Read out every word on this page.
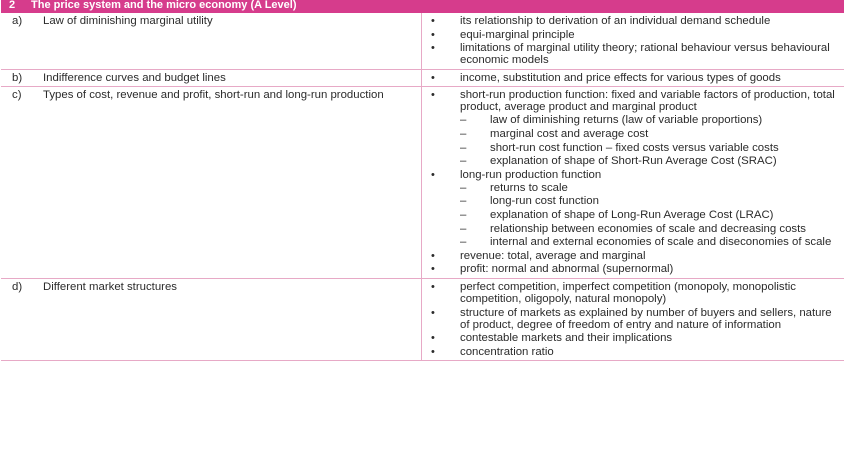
2 The price system and the micro economy (A Level)
a)	Law of diminishing marginal utility	• its relationship to derivation of an individual demand schedule
• equi-marginal principle
• limitations of marginal utility theory; rational behaviour versus behavioural economic models
b)	Indifference curves and budget lines	• income, substitution and price effects for various types of goods
c)	Types of cost, revenue and profit, short-run and long-run production	• short-run production function: fixed and variable factors of production, total product, average product and marginal product
– law of diminishing returns (law of variable proportions)
– marginal cost and average cost
– short-run cost function – fixed costs versus variable costs
– explanation of shape of Short-Run Average Cost (SRAC)
• long-run production function
– returns to scale
– long-run cost function
– explanation of shape of Long-Run Average Cost (LRAC)
– relationship between economies of scale and decreasing costs
– internal and external economies of scale and diseconomies of scale
• revenue: total, average and marginal
• profit: normal and abnormal (supernormal)
d)	Different market structures	• perfect competition, imperfect competition (monopoly, monopolistic competition, oligopoly, natural monopoly)
• structure of markets as explained by number of buyers and sellers, nature of product, degree of freedom of entry and nature of information
• contestable markets and their implications
• concentration ratio
